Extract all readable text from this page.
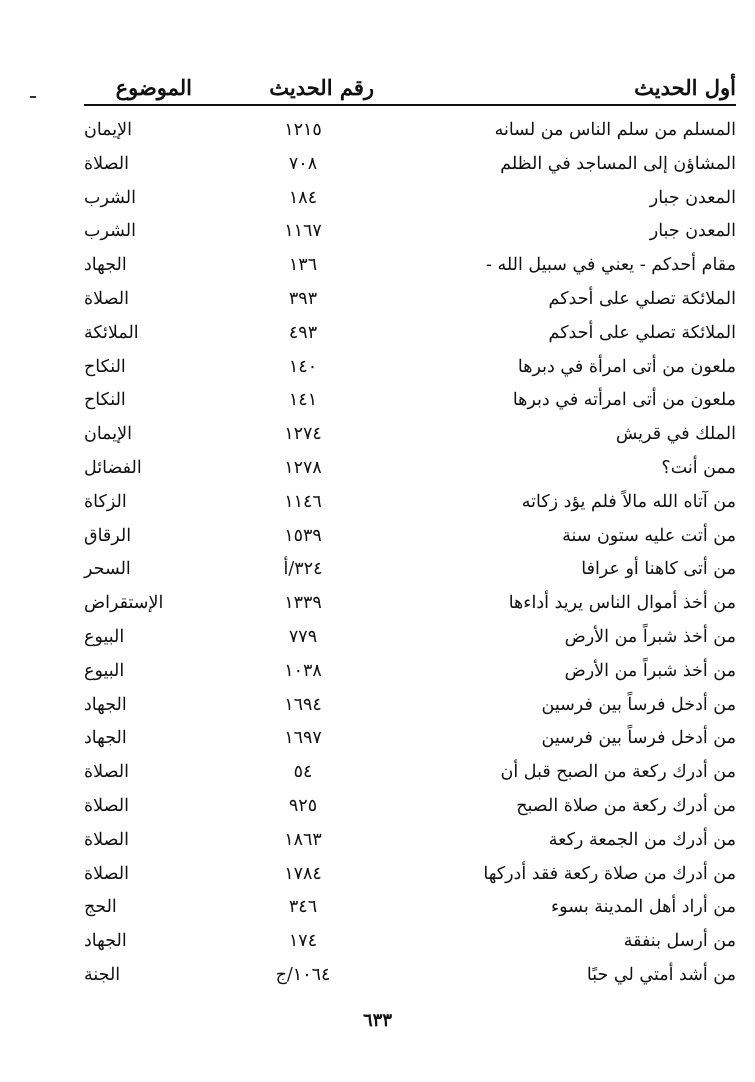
أول الحديث
رقم الحديث
الموضوع
المسلم من سلم الناس من لسانه
١٢١٥
الإيمان
المشاؤن إلى المساجد في الظلم
٧٠٨
الصلاة
المعدن جبار
١٨٤
الشرب
المعدن جبار
١١٦٧
الشرب
مقام أحدكم - يعني في سبيل الله -
١٣٦
الجهاد
الملائكة تصلي على أحدكم
٣٩٣
الصلاة
الملائكة تصلي على أحدكم
٤٩٣
الملائكة
ملعون من أتى امرأة في دبرها
١٤٠
النكاح
ملعون من أتى امرأته في دبرها
١٤١
النكاح
الملك في قريش
١٢٧٤
الإيمان
ممن أنت؟
١٢٧٨
الفضائل
من آتاه الله مالاً فلم يؤد زكاته
١١٤٦
الزكاة
من أتت عليه ستون سنة
١٥٣٩
الرقاق
من أتى كاهنا أو عرافا
٣٢٤/أ
السحر
من أخذ أموال الناس يريد أداءها
١٣٣٩
الإستقراض
من أخذ شبراً من الأرض
٧٧٩
البيوع
من أخذ شبراً من الأرض
١٠٣٨
البيوع
من أدخل فرساً بين فرسين
١٦٩٤
الجهاد
من أدخل فرساً بين فرسين
١٦٩٧
الجهاد
من أدرك ركعة من الصبح قبل أن
٥٤
الصلاة
من أدرك ركعة من صلاة الصبح
٩٢٥
الصلاة
من أدرك من الجمعة ركعة
١٨٦٣
الصلاة
من أدرك من صلاة ركعة فقد أدركها
١٧٨٤
الصلاة
من أراد أهل المدينة بسوء
٣٤٦
الحج
من أرسل بنفقة
١٧٤
الجهاد
من أشد أمتي لي حبًا
١٠٦٤/ج
الجنة
٦٣٣
